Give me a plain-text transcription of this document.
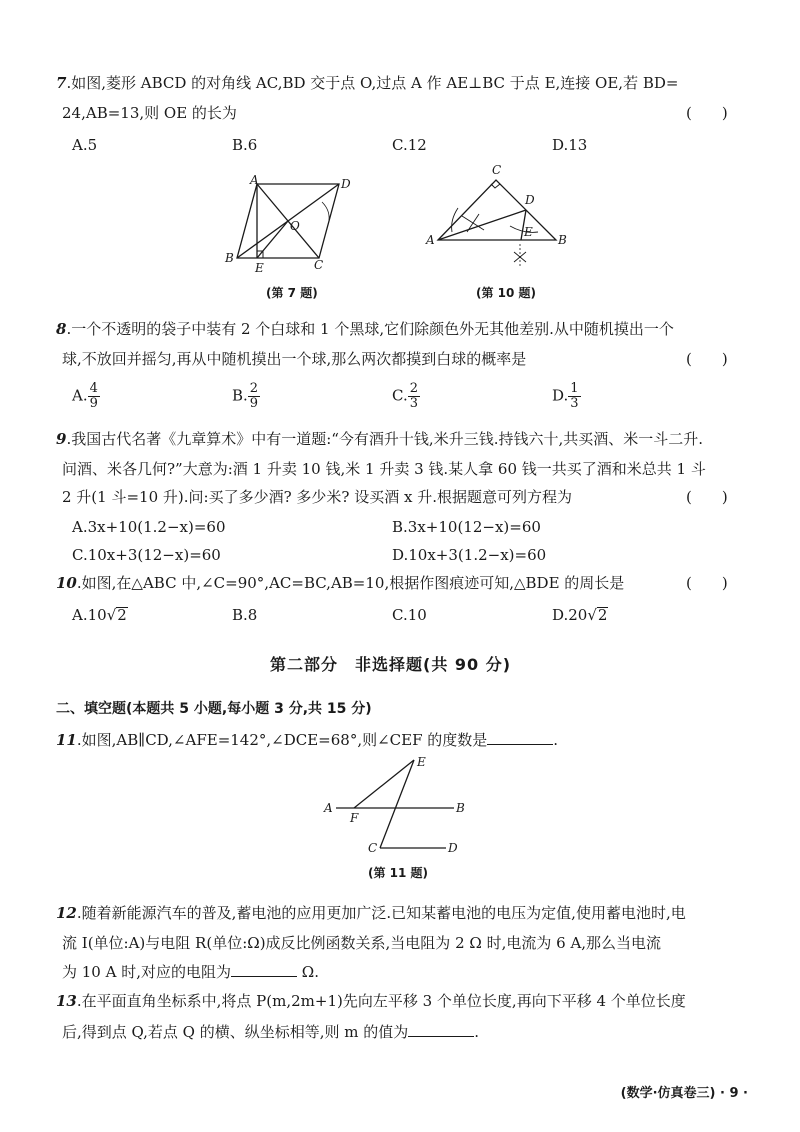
7.如图,菱形 ABCD 的对角线 AC,BD 交于点 O,过点 A 作 AE⊥BC 于点 E,连接 OE,若 BD=
24,AB=13,则 OE 的长为	(　　)
A.5	B.6	C.12	D.13
A	D
O
B
E	C
(第 7 题)
C
D
A
E
B
(第 10 题)
8.一个不透明的袋子中装有 2 个白球和 1 个黑球,它们除颜色外无其他差别.从中随机摸出一个
球,不放回并摇匀,再从中随机摸出一个球,那么两次都摸到白球的概率是	(　　)
A. $\frac{4}{9}$	B. $\frac{2}{9}$	C. $\frac{2}{3}$	D. $\frac{1}{3}$
9.我国古代名著《九章算术》中有一道题:“今有酒升十钱,米升三钱.持钱六十,共买酒、米一斗二升.
问酒、米各几何?”大意为:酒 1 升卖 10 钱,米 1 升卖 3 钱.某人拿 60 钱一共买了酒和米总共 1 斗
2 升(1 斗=10 升).问:买了多少酒? 多少米? 设买酒 x 升.根据题意可列方程为	(　　)
A.3x+10(1.2−x)=60	B.3x+10(12−x)=60
C.10x+3(12−x)=60	D.10x+3(1.2−x)=60
10.如图,在△ABC 中,∠C=90°,AC=BC,AB=10,根据作图痕迹可知,△BDE 的周长是	(　　)
A.10√2	B.8	C.10	D.20√2
第二部分　非选择题(共 90 分)
二、填空题(本题共 5 小题,每小题 3 分,共 15 分)
11.如图,AB∥CD,∠AFE=142°,∠DCE=68°,则∠CEF 的度数是	.
E
A	B
F
C	D
(第 11 题)
12.随着新能源汽车的普及,蓄电池的应用更加广泛.已知某蓄电池的电压为定值,使用蓄电池时,电
流 I(单位:A)与电阻 R(单位:Ω)成反比例函数关系,当电阻为 2 Ω 时,电流为 6 A,那么当电流
为 10 A 时,对应的电阻为	Ω.
13.在平面直角坐标系中,将点 P(m,2m+1)先向左平移 3 个单位长度,再向下平移 4 个单位长度
后,得到点 Q,若点 Q 的横、纵坐标相等,则 m 的值为	.
(数学·仿真卷三) · 9 ·
